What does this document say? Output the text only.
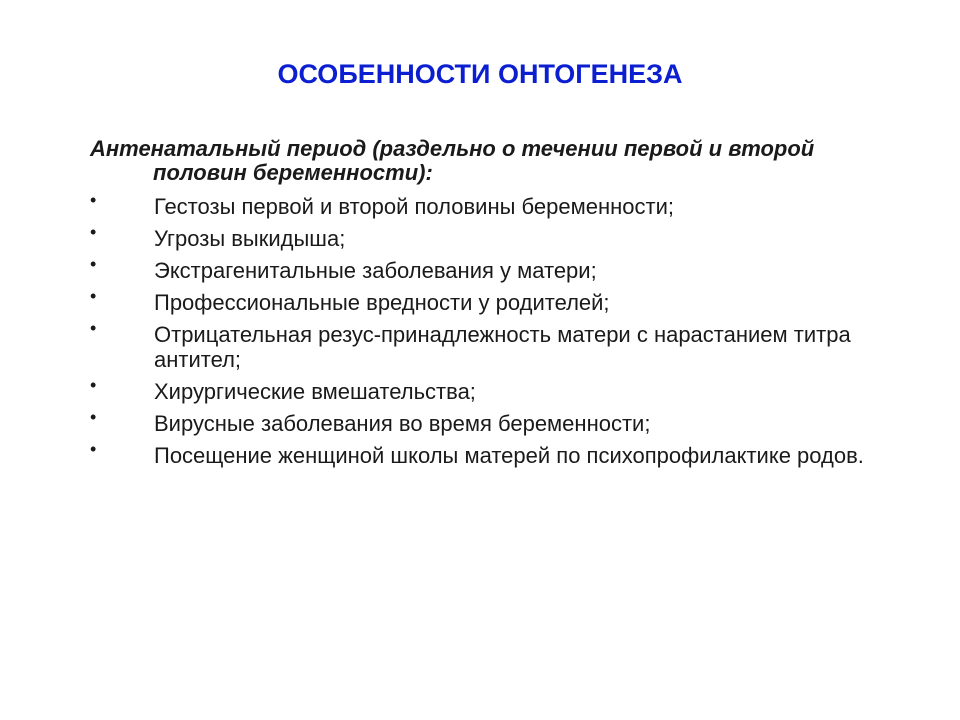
ОСОБЕННОСТИ ОНТОГЕНЕЗА

Антенатальный период (раздельно о течении первой и второй половин беременности):

•	Гестозы первой и второй половины беременности;
•	Угрозы выкидыша;
•	Экстрагенитальные заболевания у матери;
•	Профессиональные вредности у родителей;
•	Отрицательная резус-принадлежность матери с нарастанием титра антител;
•	Хирургические вмешательства;
•	Вирусные заболевания во время беременности;
•	Посещение женщиной школы матерей по психопрофилактике родов.
